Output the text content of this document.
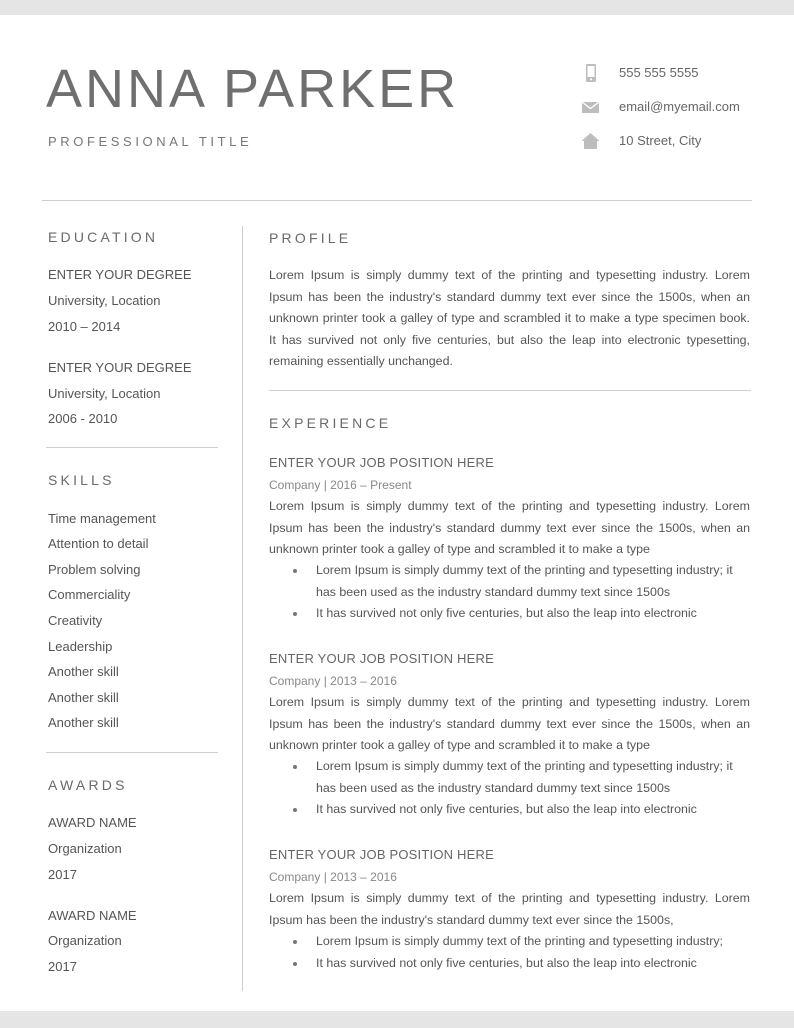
ANNA PARKER
PROFESSIONAL TITLE
555 555 5555
email@myemail.com
10 Street, City
EDUCATION
ENTER YOUR DEGREE
University, Location
2010 – 2014
ENTER YOUR DEGREE
University, Location
2006 - 2010
SKILLS
Time management
Attention to detail
Problem solving
Commerciality
Creativity
Leadership
Another skill
Another skill
Another skill
AWARDS
AWARD NAME
Organization
2017
AWARD NAME
Organization
2017
PROFILE

Lorem Ipsum is simply dummy text of the printing and typesetting industry. Lorem Ipsum has been the industry's standard dummy text ever since the 1500s, when an unknown printer took a galley of type and scrambled it to make a type specimen book. It has survived not only five centuries, but also the leap into electronic typesetting, remaining essentially unchanged.

EXPERIENCE
ENTER YOUR JOB POSITION HERE
Company | 2016 – Present

Lorem Ipsum is simply dummy text of the printing and typesetting industry. Lorem Ipsum has been the industry's standard dummy text ever since the 1500s, when an unknown printer took a galley of type and scrambled it to make a type

Lorem Ipsum is simply dummy text of the printing and typesetting industry; it has been used as the industry standard dummy text since 1500s
It has survived not only five centuries, but also the leap into electronic
ENTER YOUR JOB POSITION HERE
Company | 2013 – 2016

Lorem Ipsum is simply dummy text of the printing and typesetting industry. Lorem Ipsum has been the industry's standard dummy text ever since the 1500s, when an unknown printer took a galley of type and scrambled it to make a type

Lorem Ipsum is simply dummy text of the printing and typesetting industry; it has been used as the industry standard dummy text since 1500s
It has survived not only five centuries, but also the leap into electronic
ENTER YOUR JOB POSITION HERE
Company | 2013 – 2016

Lorem Ipsum is simply dummy text of the printing and typesetting industry. Lorem Ipsum has been the industry's standard dummy text ever since the 1500s,

Lorem Ipsum is simply dummy text of the printing and typesetting industry;
It has survived not only five centuries, but also the leap into electronic
